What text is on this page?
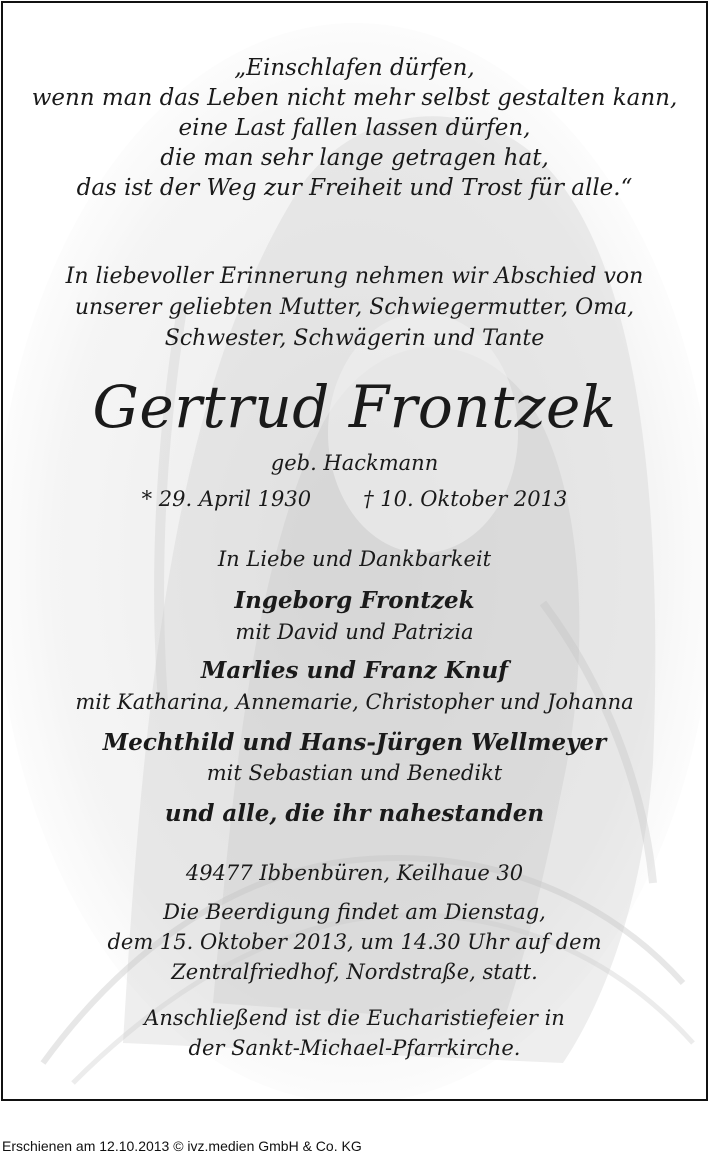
„Einschlafen dürfen,
wenn man das Leben nicht mehr selbst gestalten kann,
eine Last fallen lassen dürfen,
die man sehr lange getragen hat,
das ist der Weg zur Freiheit und Trost für alle.“
In liebevoller Erinnerung nehmen wir Abschied von
unserer geliebten Mutter, Schwiegermutter, Oma,
Schwester, Schwägerin und Tante
Gertrud Frontzek
geb. Hackmann
* 29. April 1930 † 10. Oktober 2013
In Liebe und Dankbarkeit
Ingeborg Frontzek
mit David und Patrizia
Marlies und Franz Knuf
mit Katharina, Annemarie, Christopher und Johanna
Mechthild und Hans-Jürgen Wellmeyer
mit Sebastian und Benedikt
und alle, die ihr nahestanden
49477 Ibbenbüren, Keilhaue 30
Die Beerdigung findet am Dienstag,
dem 15. Oktober 2013, um 14.30 Uhr auf dem
Zentralfriedhof, Nordstraße, statt.
Anschließend ist die Eucharistiefeier in
der Sankt-Michael-Pfarrkirche.
Erschienen am 12.10.2013 © ivz.medien GmbH & Co. KG
